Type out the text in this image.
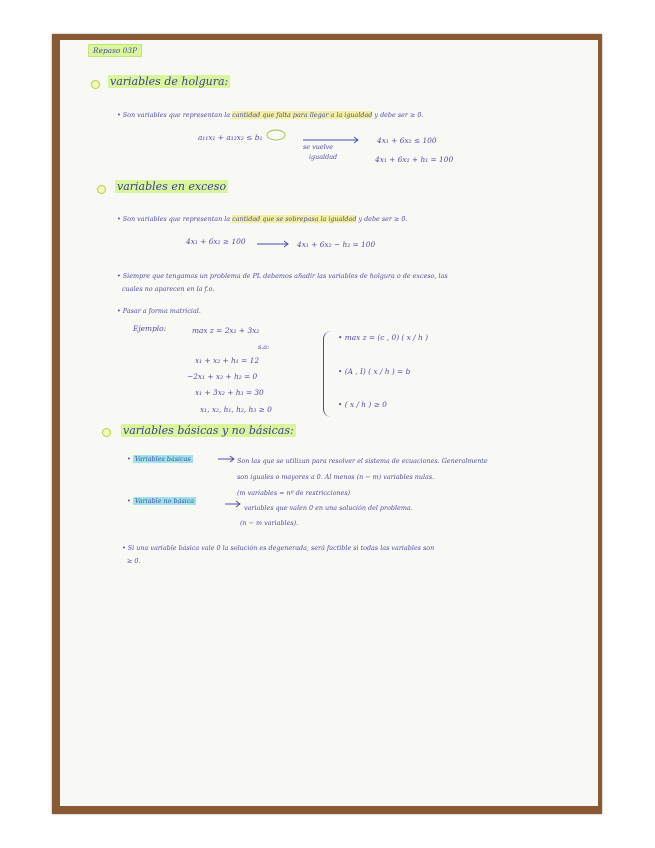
Repaso 03P
variables de holgura:
• Son variables que representan la cantidad que falta para llegar a la igualdad y debe ser ≥ 0.
a₁₁x₁ + a₁₂x₂ ≤ b₁
se vuelve
igualdad
4x₁ + 6x₂ ≤ 100
4x₁ + 6x₂ + h₁ = 100
variables en exceso
• Son variables que representan la cantidad que se sobrepasa la igualdad y debe ser ≥ 0.
4x₁ + 6x₂ ≥ 100	4x₁ + 6x₂ − h₂ = 100
• Siempre que tengamos un problema de PL debemos añadir las variables de holgura o de exceso, las
cuales no aparecen en la f.o.
• Pasar a forma matricial.
Ejemplo:	max z = 2x₁ + 3x₂
s.a:
x₁ + x₂ + h₁ = 12
−2x₁ + x₂ + h₂ = 0
x₁ + 3x₂ + h₃ = 30
x₁, x₂, h₁, h₂, h₃ ≥ 0
• max z = (c , 0) ( x / h )
• (A , I) ( x / h ) = b
• ( x / h ) ≥ 0
variables básicas y no básicas:
• Variables básicas	Son las que se utilizan para resolver el sistema de ecuaciones. Generalmente
son iguales o mayores a 0. Al menos (n − m) variables nulas.
(m variables = nº de restricciones)
• Variable no básica
variables que valen 0 en una solución del problema.
(n − m variables).
• Si una variable básica vale 0 la solución es degenerada, será factible si todas las variables son
≥ 0.
